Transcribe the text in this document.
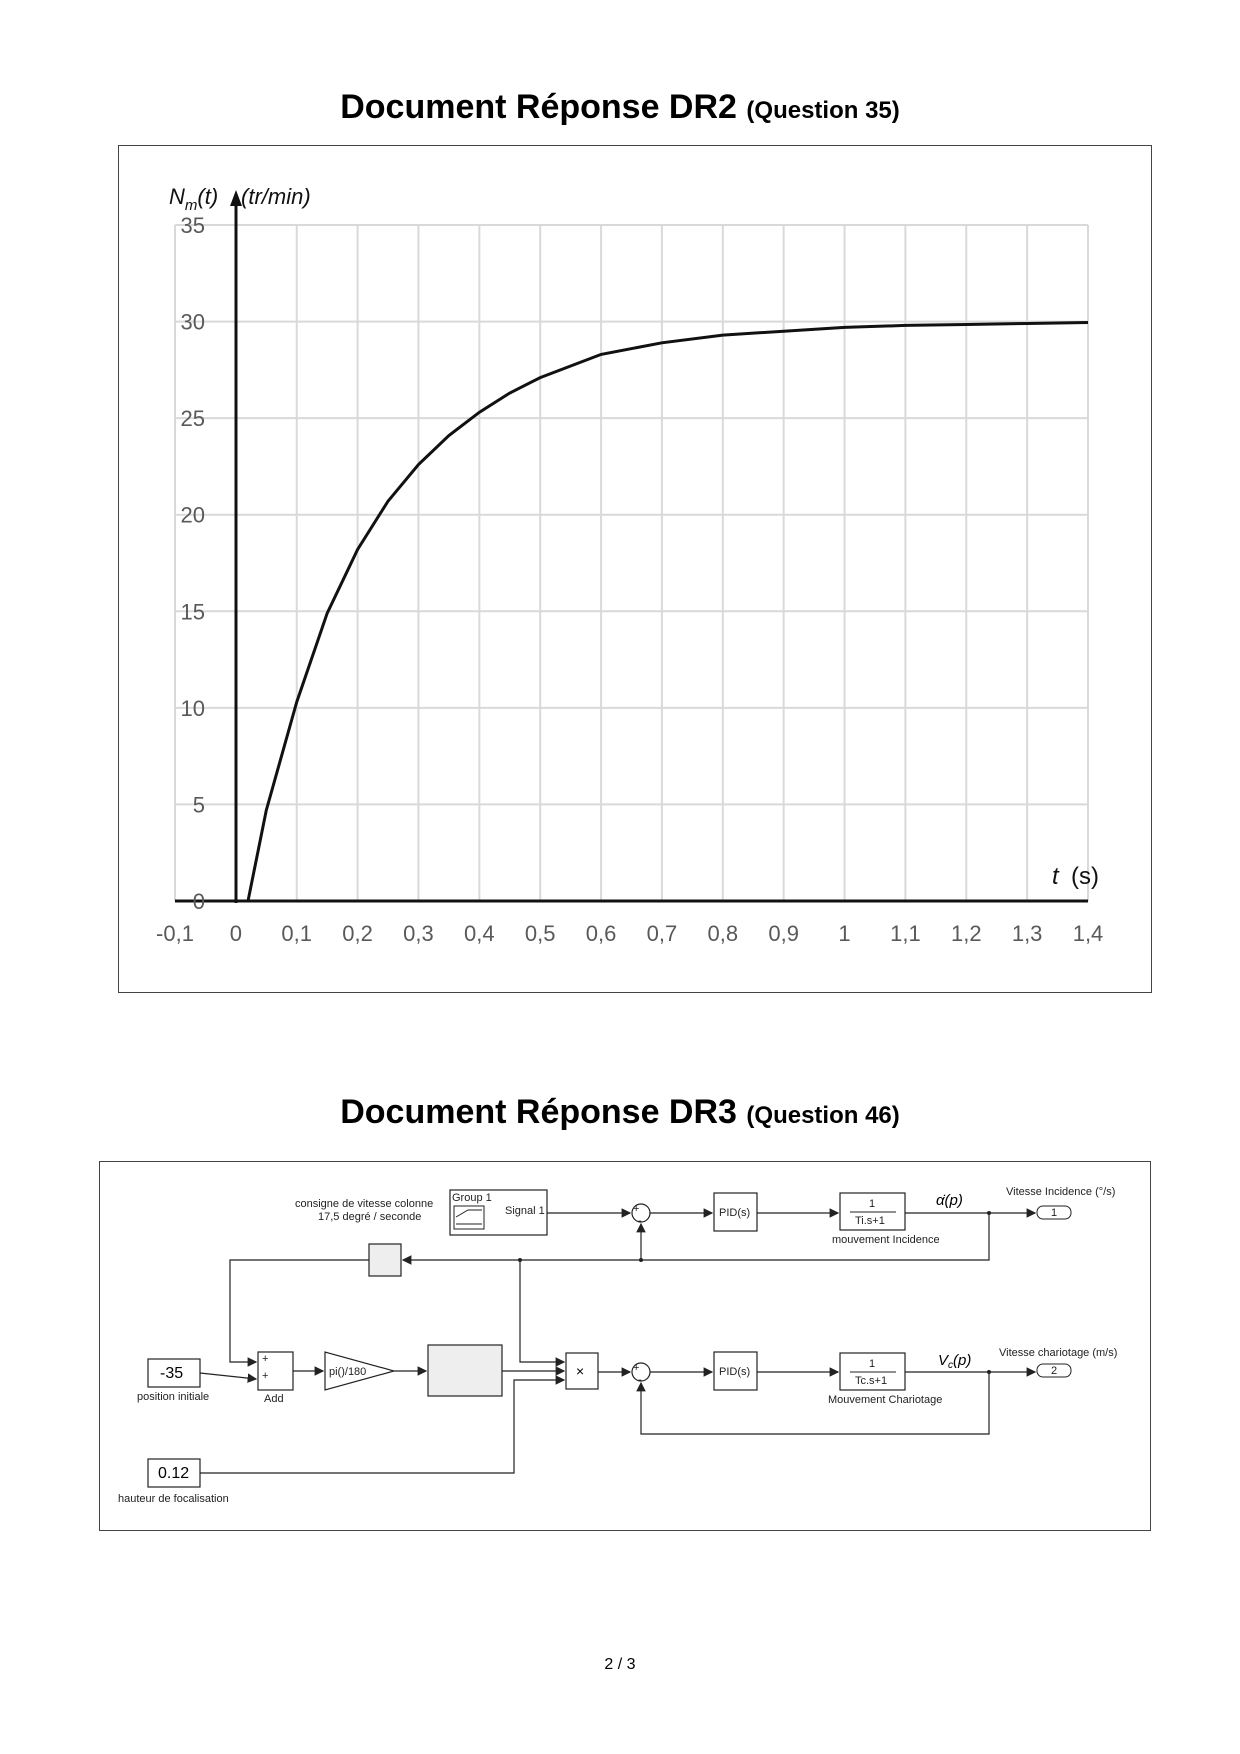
Document Réponse DR2 (Question 35)
-0,1 0 0,1 0,2 0,3 0,4 0,5 0,6 0,7 0,8 0,9 1 1,1 1,2 1,3 1,4
0
5
10
15
20
25
30
35
$N_m(t)$ (tr/min)
t (s)
Document Réponse DR3 (Question 46)
consigne de vitesse colonne
17,5 degré / seconde
Group 1
Signal 1	+
-
PID(s)
1
Ti.s+1
mouvement Incidence
α̇(p)	Vitesse Incidence (°/s)
1
-35
position initiale
+
+
Add
pi()/180	×	+
-
PID(s)
1
Tc.s+1
Mouvement Chariotage
$V_c(p)$	Vitesse chariotage (m/s)
2
0.12
hauteur de focalisation
2 / 3
